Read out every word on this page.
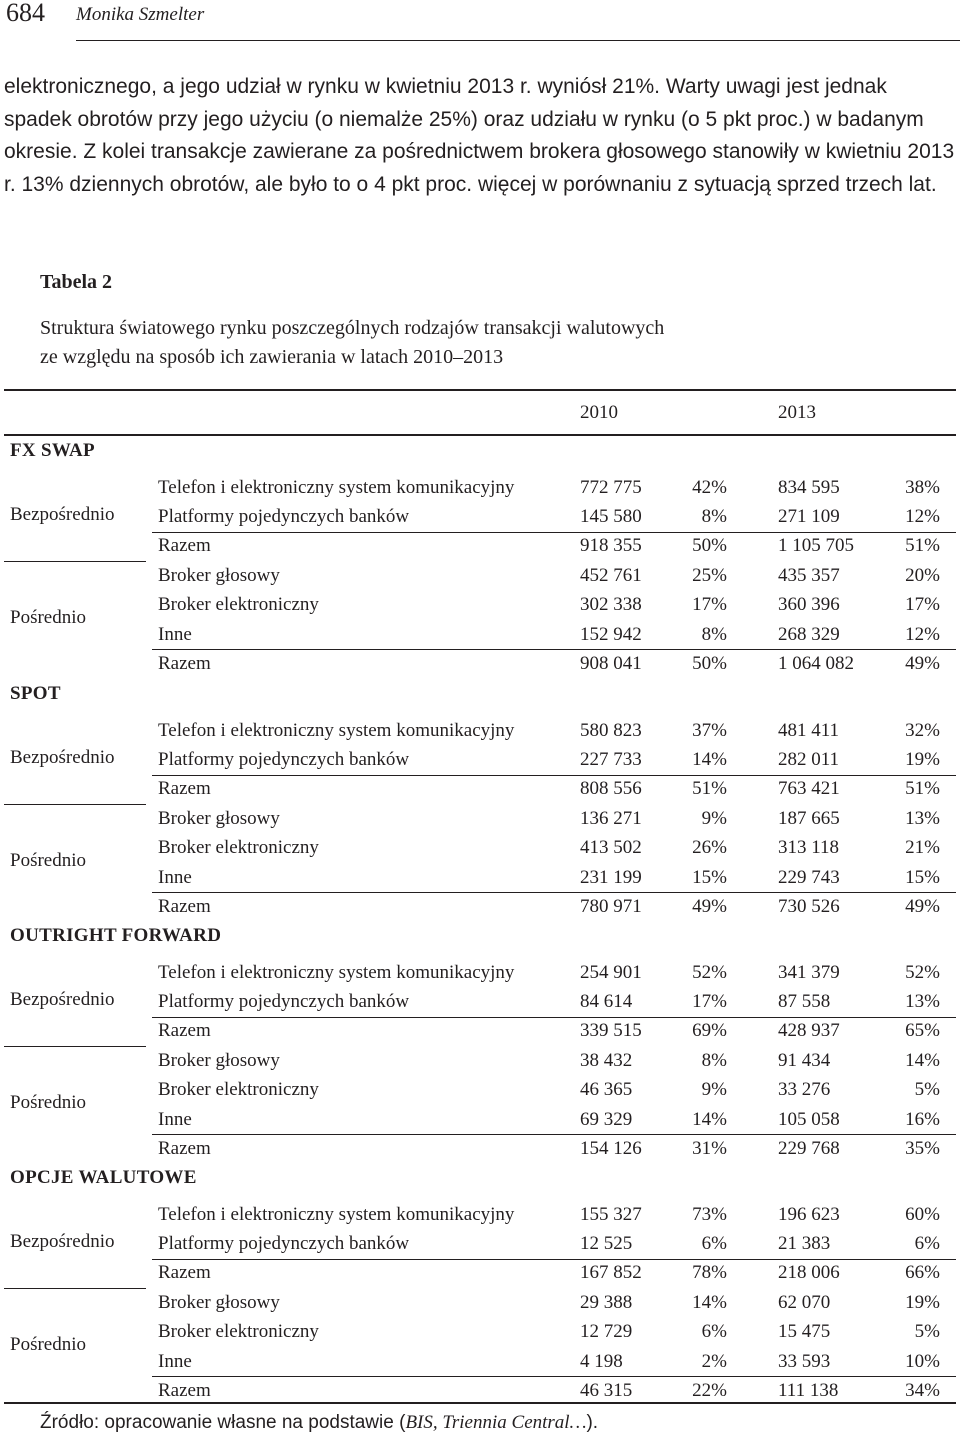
684 Monika Szmelter

elektronicznego, a jego udział w rynku w kwietniu 2013 r. wyniósł 21%. Warty uwagi jest jednak spadek obrotów przy jego użyciu (o niemalże 25%) oraz udziału w rynku (o 5 pkt proc.) w badanym okresie. Z kolei transakcje zawierane za pośrednictwem brokera głosowego stanowiły w kwietniu 2013 r. 13% dziennych obrotów, ale było to o 4 pkt proc. więcej w porównaniu z sytuacją sprzed trzech lat.

Tabela 2
Struktura światowego rynku poszczególnych rodzajów transakcji walutowych
ze względu na sposób ich zawierania w latach 2010–2013
2010	2013
FX SWAP
Bezpośrednio
Telefon i elektroniczny system komunikacyjny	772 775	42%	834 595	38%
Platformy pojedynczych banków	145 580	8%	271 109	12%
Razem	918 355	50%	1 105 705	51%
Pośrednio
Broker głosowy	452 761	25%	435 357	20%
Broker elektroniczny	302 338	17%	360 396	17%
Inne	152 942	8%	268 329	12%
Razem	908 041	50%	1 064 082	49%
SPOT
Bezpośrednio
Telefon i elektroniczny system komunikacyjny	580 823	37%	481 411	32%
Platformy pojedynczych banków	227 733	14%	282 011	19%
Razem	808 556	51%	763 421	51%
Pośrednio
Broker głosowy	136 271	9%	187 665	13%
Broker elektroniczny	413 502	26%	313 118	21%
Inne	231 199	15%	229 743	15%
Razem	780 971	49%	730 526	49%
OUTRIGHT FORWARD
Bezpośrednio
Telefon i elektroniczny system komunikacyjny	254 901	52%	341 379	52%
Platformy pojedynczych banków	84 614	17%	87 558	13%
Razem	339 515	69%	428 937	65%
Pośrednio
Broker głosowy	38 432	8%	91 434	14%
Broker elektroniczny	46 365	9%	33 276	5%
Inne	69 329	14%	105 058	16%
Razem	154 126	31%	229 768	35%
OPCJE WALUTOWE
Bezpośrednio
Telefon i elektroniczny system komunikacyjny	155 327	73%	196 623	60%
Platformy pojedynczych banków	12 525	6%	21 383	6%
Razem	167 852	78%	218 006	66%
Pośrednio
Broker głosowy	29 388	14%	62 070	19%
Broker elektroniczny	12 729	6%	15 475	5%
Inne	4 198	2%	33 593	10%
Razem	46 315	22%	111 138	34%
Źródło: opracowanie własne na podstawie (BIS, Triennia Central…).
